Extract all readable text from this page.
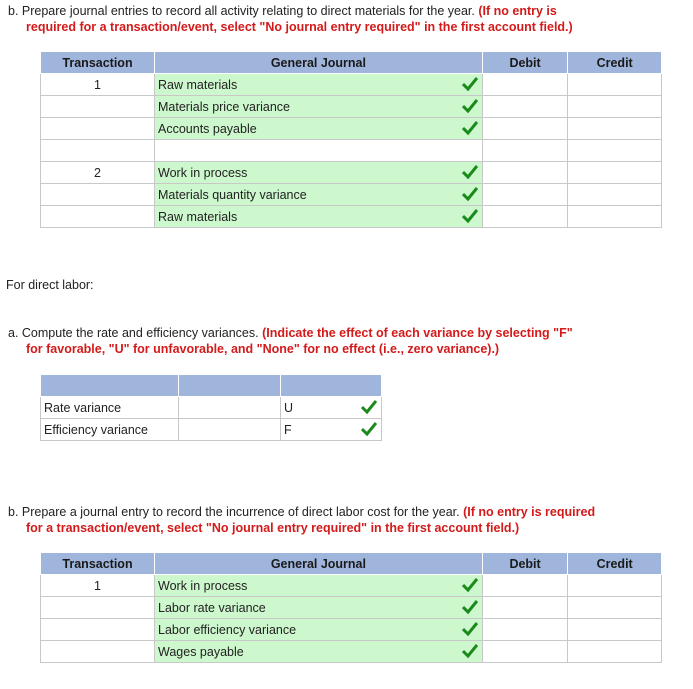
b. Prepare journal entries to record all activity relating to direct materials for the year. (If no entry is
required for a transaction/event, select "No journal entry required" in the first account field.)
Transaction	General Journal	Debit	Credit
1	Raw materials

	Materials price variance

	Accounts payable

2	Work in process

	Materials quantity variance

	Raw materials

For direct labor:
a. Compute the rate and efficiency variances. (Indicate the effect of each variance by selecting "F"
for favorable, "U" for unfavorable, and "None" for no effect (i.e., zero variance).)

Rate variance		U

Efficiency variance		F
b. Prepare a journal entry to record the incurrence of direct labor cost for the year. (If no entry is required
for a transaction/event, select "No journal entry required" in the first account field.)
Transaction	General Journal	Debit	Credit
1	Work in process

	Labor rate variance

	Labor efficiency variance

	Wages payable
